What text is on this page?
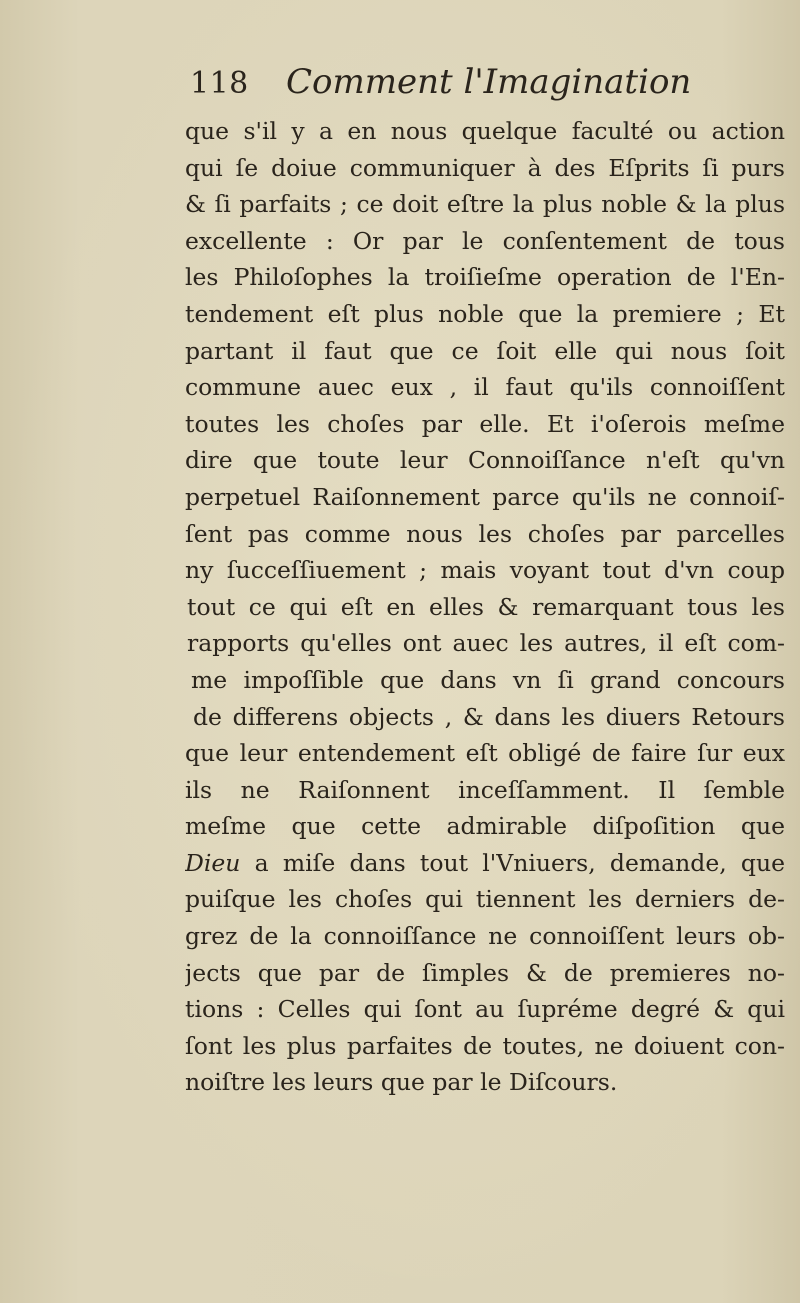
118	Comment l'Imagination
que s'il y a en nous quelque faculté ou action
qui ſe doiue communiquer à des Eſprits ſi purs
& ſi parfaits ; ce doit eſtre la plus noble & la plus
excellente : Or par le conſentement de tous
les Philoſophes la troiſieſme operation de l'En-
tendement eſt plus noble que la premiere ; Et
partant il faut que ce ſoit elle qui nous ſoit
commune auec eux , il faut qu'ils connoiſſent
toutes les choſes par elle. Et i'oſerois meſme
dire que toute leur Connoiſſance n'eſt qu'vn
perpetuel Raiſonnement parce qu'ils ne connoiſ-
ſent pas comme nous les choſes par parcelles
ny ſucceſſiuement ; mais voyant tout d'vn coup
tout ce qui eſt en elles & remarquant tous les
rapports qu'elles ont auec les autres, il eſt com-
me impoſſible que dans vn ſi grand concours
de differens objects , & dans les diuers Retours
que leur entendement eſt obligé de faire ſur eux
ils ne Raiſonnent inceſſamment. Il ſemble
meſme que cette admirable diſpoſition que
Dieu a miſe dans tout l'Vniuers, demande, que
puiſque les choſes qui tiennent les derniers de-
grez de la connoiſſance ne connoiſſent leurs ob-
jects que par de ſimples & de premieres no-
tions : Celles qui ſont au ſupréme degré & qui
ſont les plus parfaites de toutes, ne doiuent con-
noiſtre les leurs que par le Diſcours.
